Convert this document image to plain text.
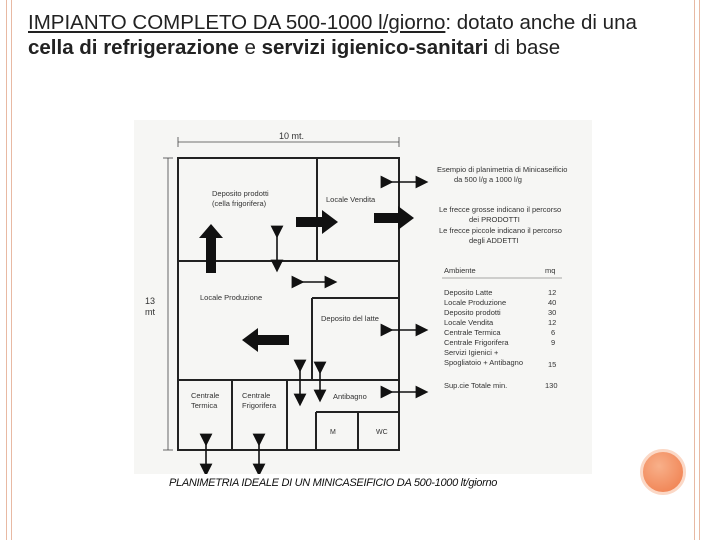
IMPIANTO COMPLETO DA 500-1000 l/giorno: dotato anche di una cella di refrigerazione e servizi igienico-sanitari di base
10 mt.
13
mt
Deposito prodotti
(cella frigorifera)	Locale Vendita
Locale Produzione
Deposito del latte
Centrale
Termica
Centrale
Frigorifera
Antibagno
M	WC
Esempio di planimetria di Minicaseificio
da 500 l/g a 1000 l/g
Le frecce grosse indicano il percorso
dei PRODOTTI
Le frecce piccole indicano il percorso
degli ADDETTI
Ambiente	mq
Deposito Latte	12
Locale Produzione	40
Deposito prodotti	30
Locale Vendita	12
Centrale Termica	6
Centrale Frigorifera	9
Servizi Igienici +
Spogliatoio + Antibagno	15
Sup.cie Totale min.	130
PLANIMETRIA IDEALE DI UN MINICASEIFICIO DA 500-1000 lt/giorno
